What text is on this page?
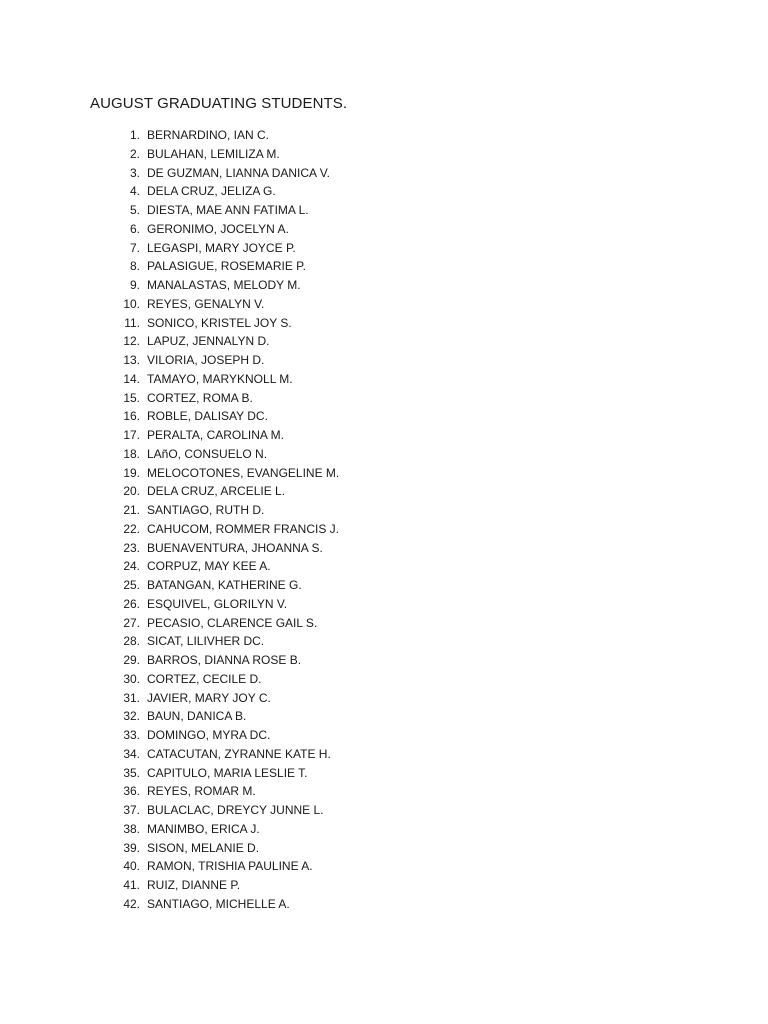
AUGUST GRADUATING STUDENTS.
1. BERNARDINO, IAN C.
2. BULAHAN, LEMILIZA M.
3. DE GUZMAN, LIANNA DANICA V.
4. DELA CRUZ, JELIZA G.
5. DIESTA, MAE ANN FATIMA L.
6. GERONIMO, JOCELYN A.
7. LEGASPI, MARY JOYCE P.
8. PALASIGUE, ROSEMARIE P.
9. MANALASTAS, MELODY M.
10. REYES, GENALYN V.
11. SONICO, KRISTEL JOY S.
12. LAPUZ, JENNALYN D.
13. VILORIA, JOSEPH D.
14. TAMAYO, MARYKNOLL M.
15. CORTEZ, ROMA B.
16. ROBLE, DALISAY DC.
17. PERALTA, CAROLINA M.
18. LAñO, CONSUELO N.
19. MELOCOTONES, EVANGELINE M.
20. DELA CRUZ, ARCELIE L.
21. SANTIAGO, RUTH D.
22. CAHUCOM, ROMMER FRANCIS J.
23. BUENAVENTURA, JHOANNA S.
24. CORPUZ, MAY KEE A.
25. BATANGAN, KATHERINE G.
26. ESQUIVEL, GLORILYN V.
27. PECASIO, CLARENCE GAIL S.
28. SICAT, LILIVHER DC.
29. BARROS, DIANNA ROSE B.
30. CORTEZ, CECILE D.
31. JAVIER, MARY JOY C.
32. BAUN, DANICA B.
33. DOMINGO, MYRA DC.
34. CATACUTAN, ZYRANNE KATE H.
35. CAPITULO, MARIA LESLIE T.
36. REYES, ROMAR M.
37. BULACLAC, DREYCY JUNNE L.
38. MANIMBO, ERICA J.
39. SISON, MELANIE D.
40. RAMON, TRISHIA PAULINE A.
41. RUIZ, DIANNE P.
42. SANTIAGO, MICHELLE A.
